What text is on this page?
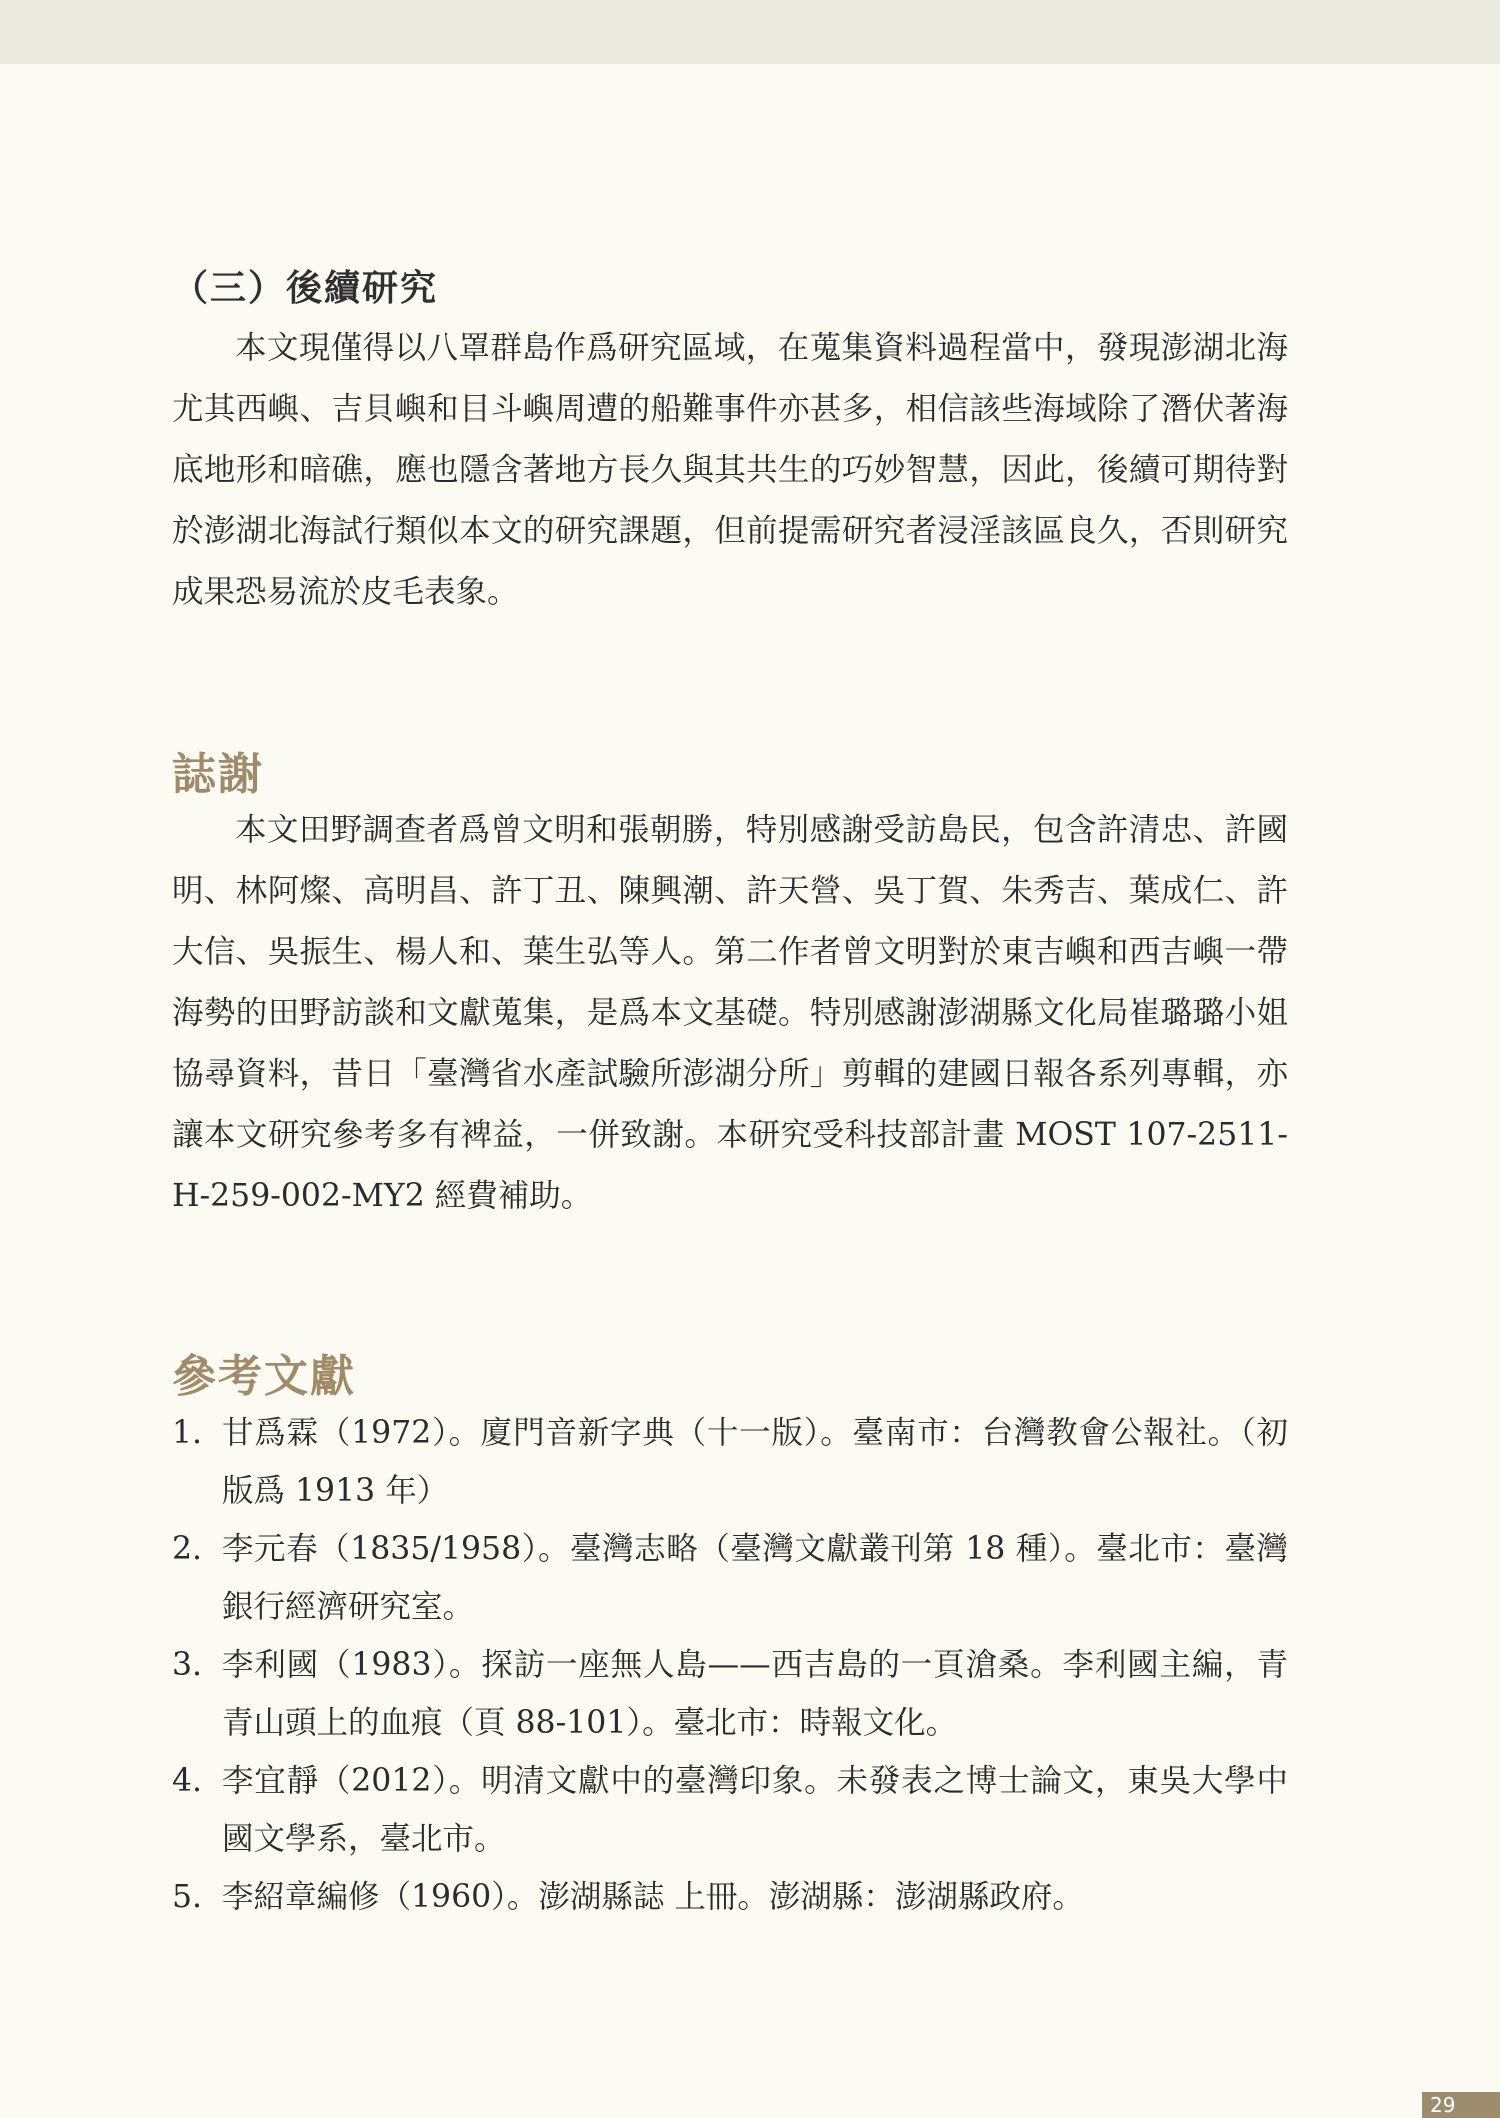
（三）後續研究

本文現僅得以八罩群島作爲研究區域，在蒐集資料過程當中，發現澎湖北海尤其西嶼、吉貝嶼和目斗嶼周遭的船難事件亦甚多，相信該些海域除了潛伏著海底地形和暗礁，應也隱含著地方長久與其共生的巧妙智慧，因此，後續可期待對於澎湖北海試行類似本文的研究課題，但前提需研究者浸淫該區良久，否則研究成果恐易流於皮毛表象。

誌謝

本文田野調查者爲曾文明和張朝勝，特別感謝受訪島民，包含許清忠、許國明、林阿燦、高明昌、許丁丑、陳興潮、許天營、吳丁賀、朱秀吉、葉成仁、許大信、吳振生、楊人和、葉生弘等人。第二作者曾文明對於東吉嶼和西吉嶼一帶海勢的田野訪談和文獻蒐集，是爲本文基礎。特別感謝澎湖縣文化局崔璐璐小姐協尋資料，昔日「臺灣省水產試驗所澎湖分所」剪輯的建國日報各系列專輯，亦讓本文研究參考多有裨益，一併致謝。本研究受科技部計畫 MOST 107-2511-H-259-002-MY2 經費補助。

參考文獻
1. 甘爲霖（1972）。廈門音新字典（十一版）。臺南市：台灣教會公報社。（初版爲 1913 年）
2. 李元春（1835/1958）。臺灣志略（臺灣文獻叢刊第 18 種）。臺北市：臺灣銀行經濟研究室。
3. 李利國（1983）。探訪一座無人島——西吉島的一頁滄桑。李利國主編，青青山頭上的血痕（頁 88-101）。臺北市：時報文化。
4. 李宜靜（2012）。明清文獻中的臺灣印象。未發表之博士論文，東吳大學中國文學系，臺北市。
5. 李紹章編修（1960）。澎湖縣誌 上冊。澎湖縣：澎湖縣政府。
29
